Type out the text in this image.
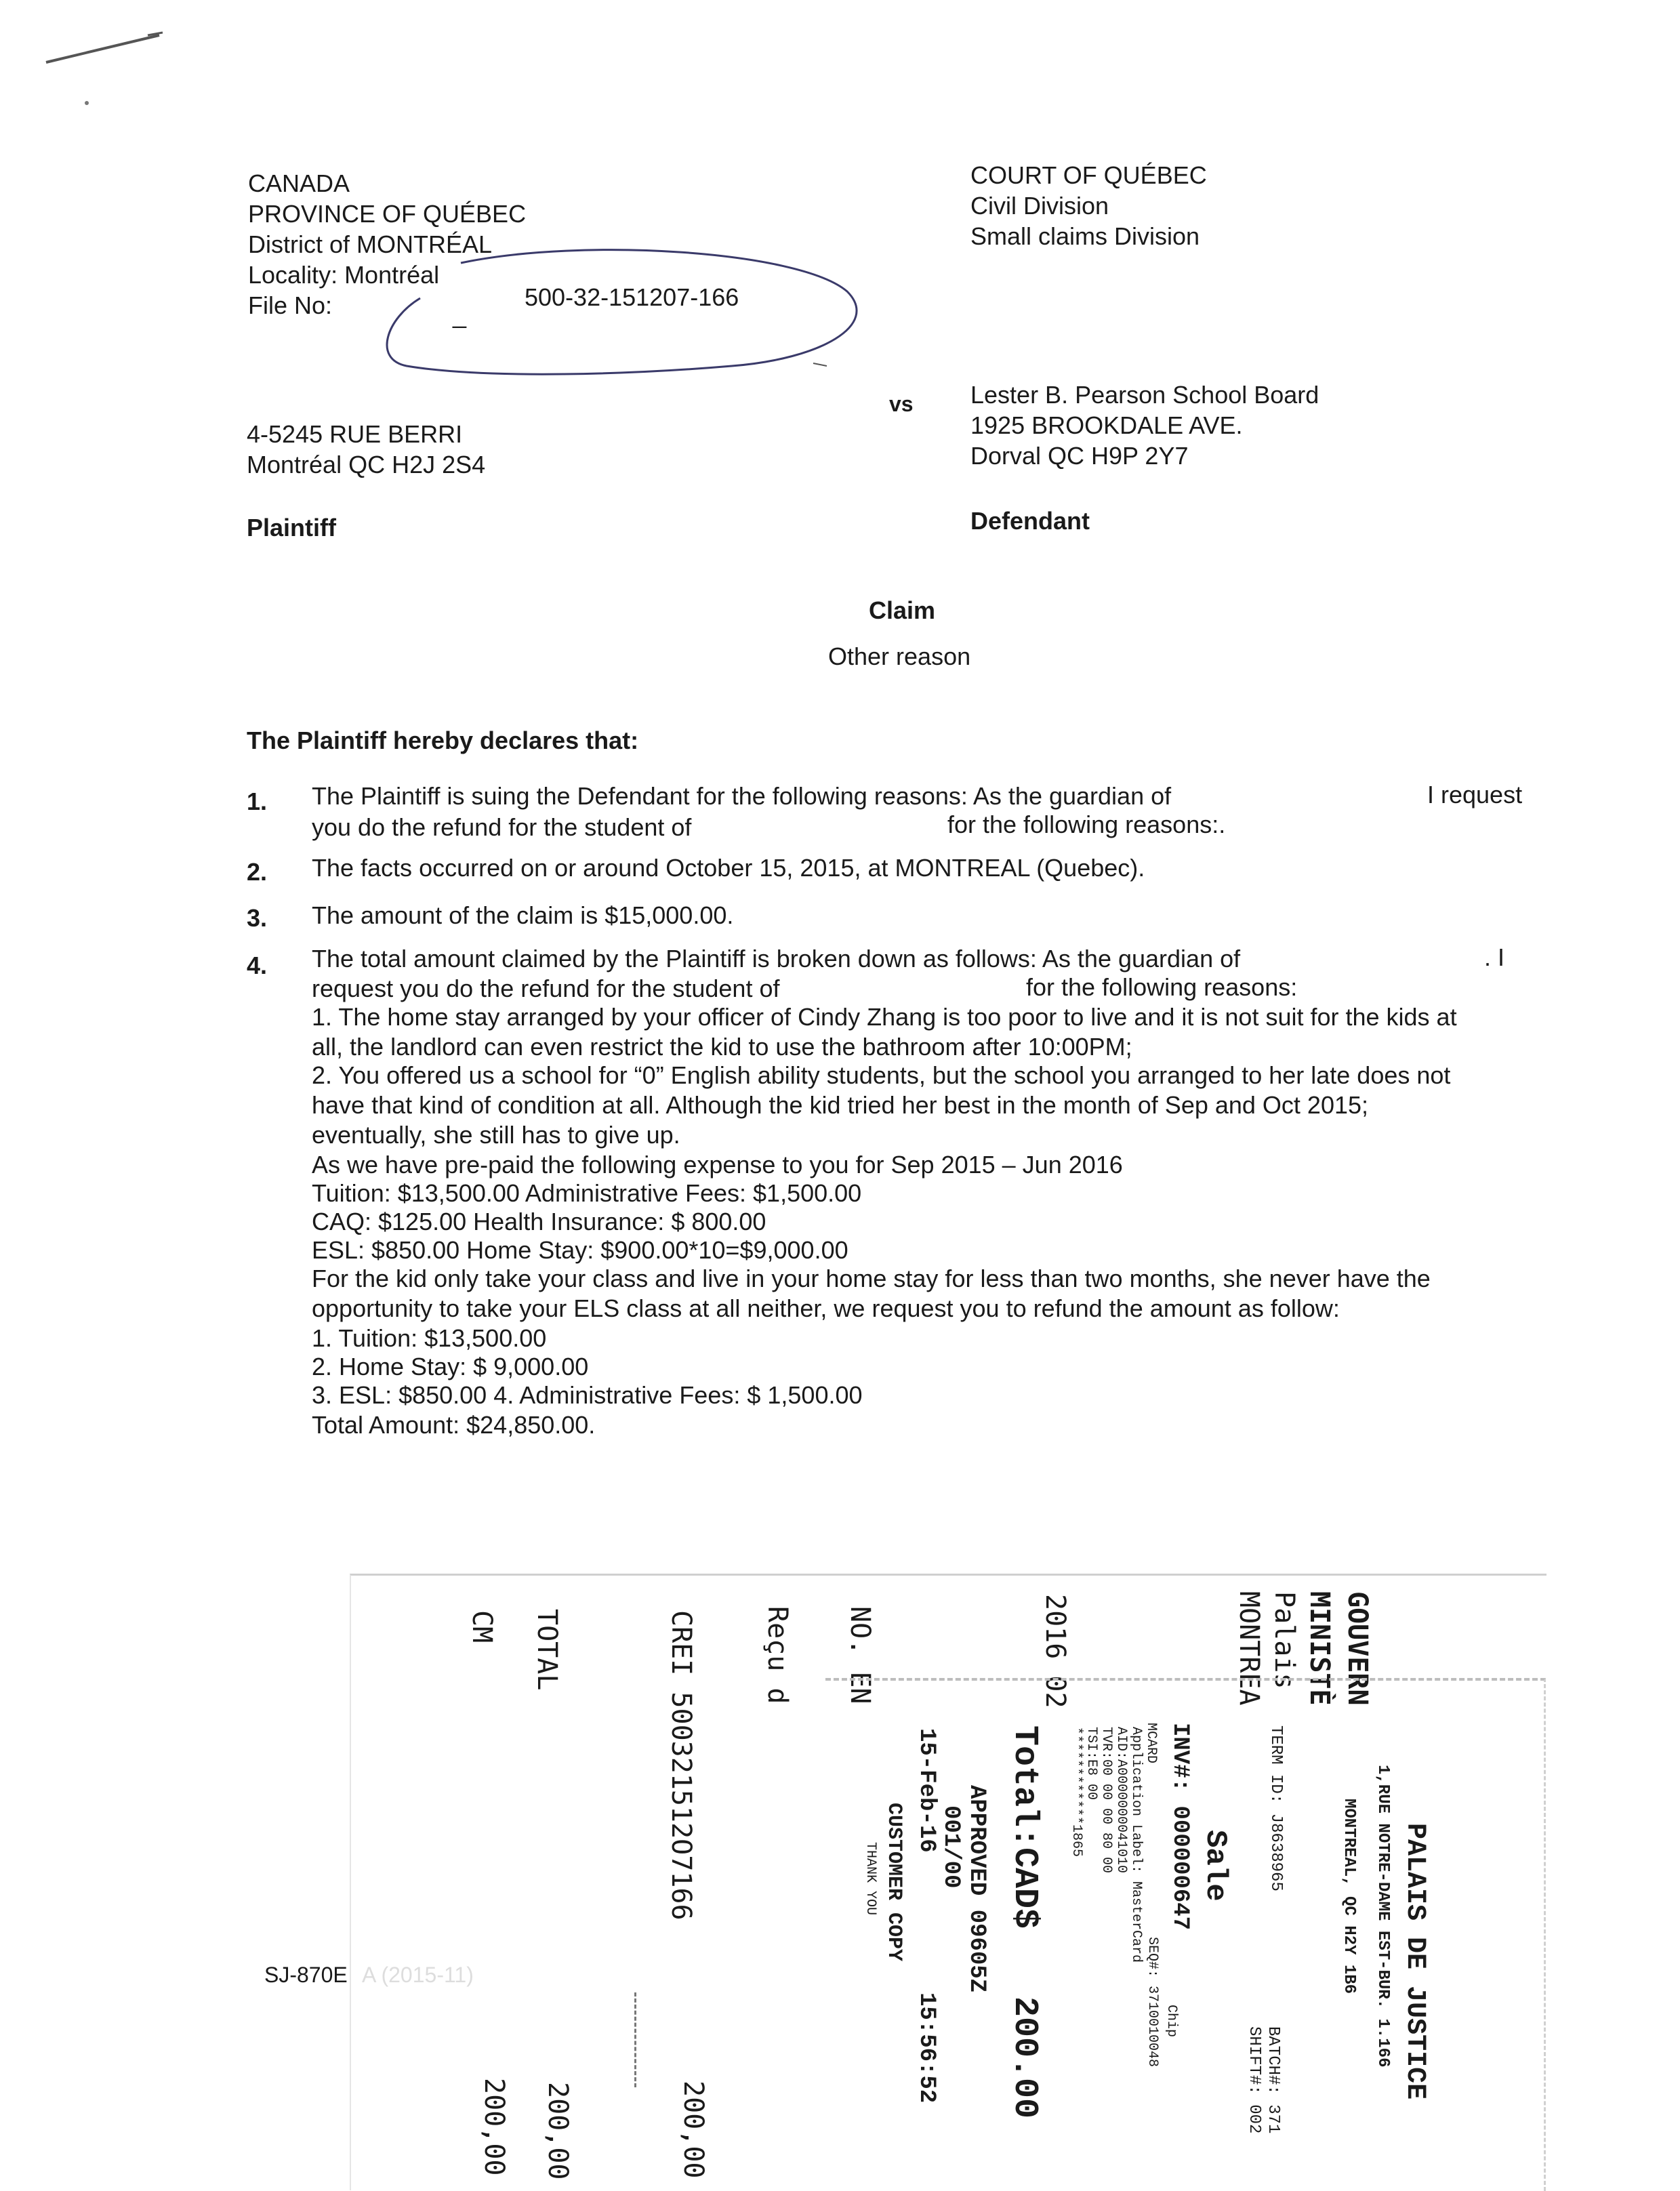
CANADA
PROVINCE OF QUÉBEC
District of MONTRÉAL
Locality: Montréal
File No:	_
500-32-151207-166
COURT OF QUÉBEC
Civil Division
Small claims Division
vs
4-5245 RUE BERRI
Montréal QC H2J 2S4
Lester B. Pearson School Board
1925 BROOKDALE AVE.
Dorval QC H9P 2Y7
Plaintiff	Defendant
Claim
Other reason
The Plaintiff hereby declares that:
1. The Plaintiff is suing the Defendant for the following reasons: As the guardian of	I request
you do the refund for the student of	for the following reasons:.
2. The facts occurred on or around October 15, 2015, at MONTREAL (Quebec).
3. The amount of the claim is $15,000.00.
4. The total amount claimed by the Plaintiff is broken down as follows: As the guardian of	. I
request you do the refund for the student of	for the following reasons:
1. The home stay arranged by your officer of Cindy Zhang is too poor to live and it is not suit for the kids at
all, the landlord can even restrict the kid to use the bathroom after 10:00PM;
2. You offered us a school for “0” English ability students, but the school you arranged to her late does not
have that kind of condition at all. Although the kid tried her best in the month of Sep and Oct 2015;
eventually, she still has to give up.
As we have pre-paid the following expense to you for Sep 2015 – Jun 2016
Tuition: $13,500.00 Administrative Fees: $1,500.00
CAQ: $125.00 Health Insurance: $ 800.00
ESL: $850.00 Home Stay: $900.00*10=$9,000.00
For the kid only take your class and live in your home stay for less than two months, she never have the
opportunity to take your ELS class at all neither, we request you to refund the amount as follow:
1. Tuition: $13,500.00
2. Home Stay: $ 9,000.00
3. ESL: $850.00 4. Administrative Fees: $ 1,500.00
Total Amount: $24,850.00.
SJ-870E A (2015-11)
GOUVERN
MINISTÈ
Palais
MONTREA
2016 02
NO. EN
Reçu d
CREI 500321512O7166
200,00
TOTAL
200,00
CM
200,00
PALAIS DE JUSTICE
1,RUE NOTRE-DAME EST-BUR. 1.166
MONTREAL, QC H2Y 1B6
TERM ID: J8638965
BATCH#: 371
SHIFT#: 002
Sale
INV#: 000000647
MCARD
Chip
Application Label: MasterCard
SEQ#: 3710010048
AID:A0000000041010
TVR:00 00 00 80 00
TSI:E8 00
************1865
Total:CAD$
200.00
APPROVED 09605Z
001/00
15-Feb-16
15:56:52
CUSTOMER COPY
THANK YOU
